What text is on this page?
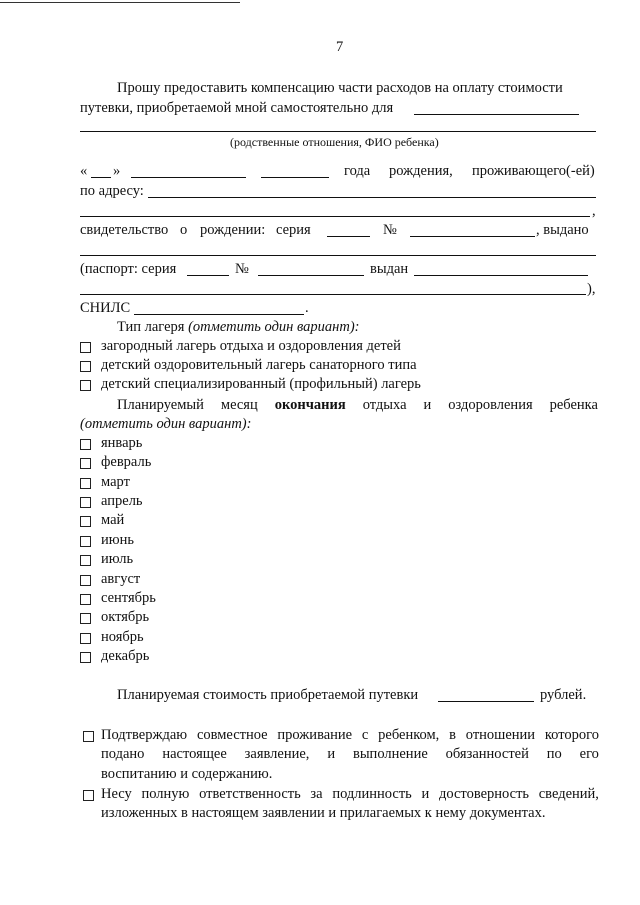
7
Прошу предоставить компенсацию части расходов на оплату стоимости
путевки, приобретаемой мной самостоятельно для
(родственные отношения, ФИО ребенка)
« »	года рождения, проживающего(-ей)
по адресу:
,
свидетельство о рождении: серия	№	, выдано
(паспорт: серия	№	выдан
),
СНИЛС	.
Тип лагеря (отметить один вариант):
загородный лагерь отдыха и оздоровления детей
детский оздоровительный лагерь санаторного типа
детский специализированный (профильный) лагерь
Планируемый месяц окончания отдыха и оздоровления ребенка
(отметить один вариант):
январь
февраль
март
апрель
май
июнь
июль
август
сентябрь
октябрь
ноябрь
декабрь
Планируемая стоимость приобретаемой путевки	рублей.
Подтверждаю совместное проживание с ребенком, в отношении которого
подано настоящее заявление, и выполнение обязанностей по его
воспитанию и содержанию.
Несу полную ответственность за подлинность и достоверность сведений,
изложенных в настоящем заявлении и прилагаемых к нему документах.
